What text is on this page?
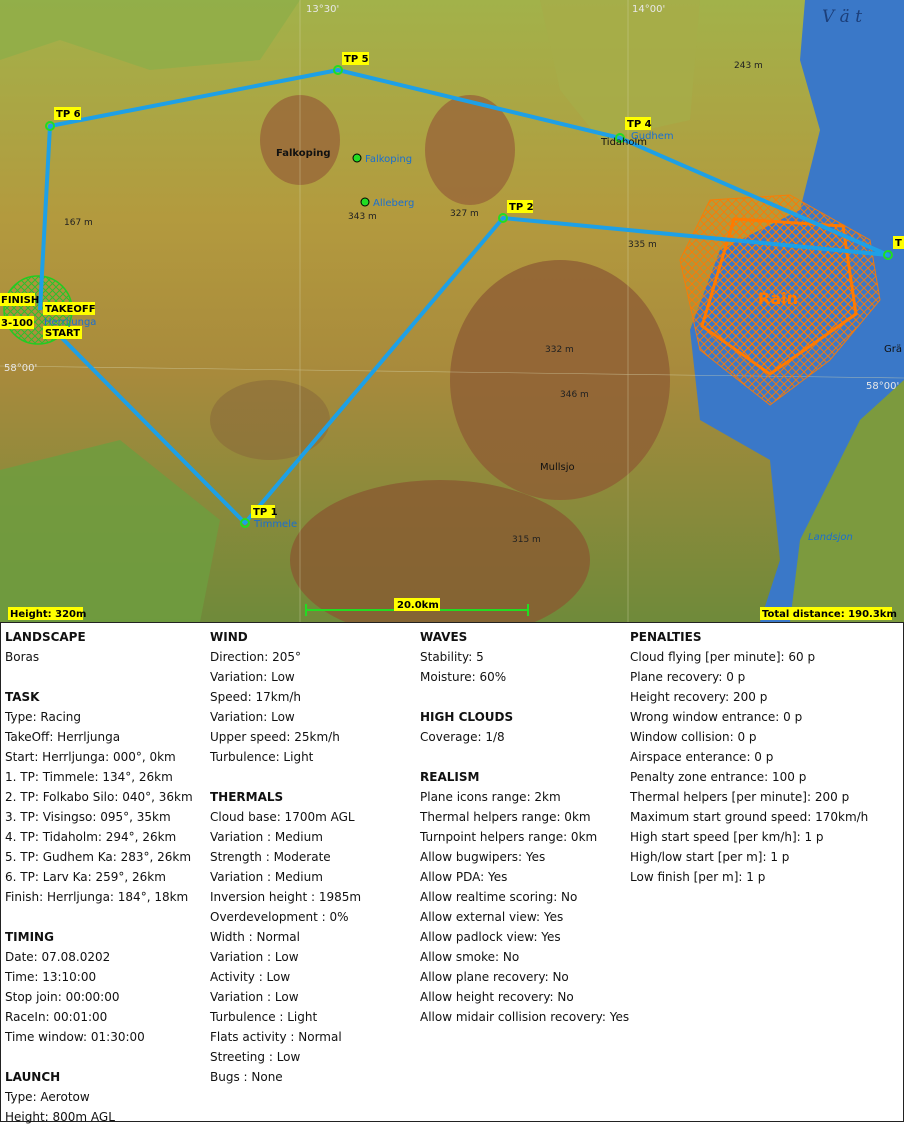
13°30'	14°00'
58°00'
58°00'
V ä t
Rain
TP 1
TP 2
T
TP 4
TP 5
TP 6
FINISH
TAKEOFF
START
3-100
Falkoping
Falkoping
Alleberg
Herrljunga
Timmele
Mullsjo
Tidaholm
Gudhem
Grä
Landsjon
243 m
167 m
343 m	327 m
335 m
332 m
346 m
315 m
20.0km
Height: 320m	Total distance: 190.3km
LANDSCAPE
Boras
TASK
Type: Racing
TakeOff: Herrljunga
Start: Herrljunga: 000°, 0km
1. TP: Timmele: 134°, 26km
2. TP: Folkabo Silo: 040°, 36km
3. TP: Visingso: 095°, 35km
4. TP: Tidaholm: 294°, 26km
5. TP: Gudhem Ka: 283°, 26km
6. TP: Larv Ka: 259°, 26km
Finish: Herrljunga: 184°, 18km
TIMING
Date: 07.08.0202
Time: 13:10:00
Stop join: 00:00:00
RaceIn: 00:01:00
Time window: 01:30:00
LAUNCH
Type: Aerotow
Height: 800m AGL
WIND
Direction: 205°
Variation: Low
Speed: 17km/h
Variation: Low
Upper speed: 25km/h
Turbulence: Light
THERMALS
Cloud base: 1700m AGL
Variation : Medium
Strength : Moderate
Variation : Medium
Inversion height : 1985m
Overdevelopment : 0%
Width : Normal
Variation : Low
Activity : Low
Variation : Low
Turbulence : Light
Flats activity : Normal
Streeting : Low
Bugs : None
WAVES
Stability: 5
Moisture: 60%
HIGH CLOUDS
Coverage: 1/8
REALISM
Plane icons range: 2km
Thermal helpers range: 0km
Turnpoint helpers range: 0km
Allow bugwipers: Yes
Allow PDA: Yes
Allow realtime scoring: No
Allow external view: Yes
Allow padlock view: Yes
Allow smoke: No
Allow plane recovery: No
Allow height recovery: No
Allow midair collision recovery: Yes
PENALTIES
Cloud flying [per minute]: 60 p
Plane recovery: 0 p
Height recovery: 200 p
Wrong window entrance: 0 p
Window collision: 0 p
Airspace enterance: 0 p
Penalty zone entrance: 100 p
Thermal helpers [per minute]: 200 p
Maximum start ground speed: 170km/h
High start speed [per km/h]: 1 p
High/low start [per m]: 1 p
Low finish [per m]: 1 p
